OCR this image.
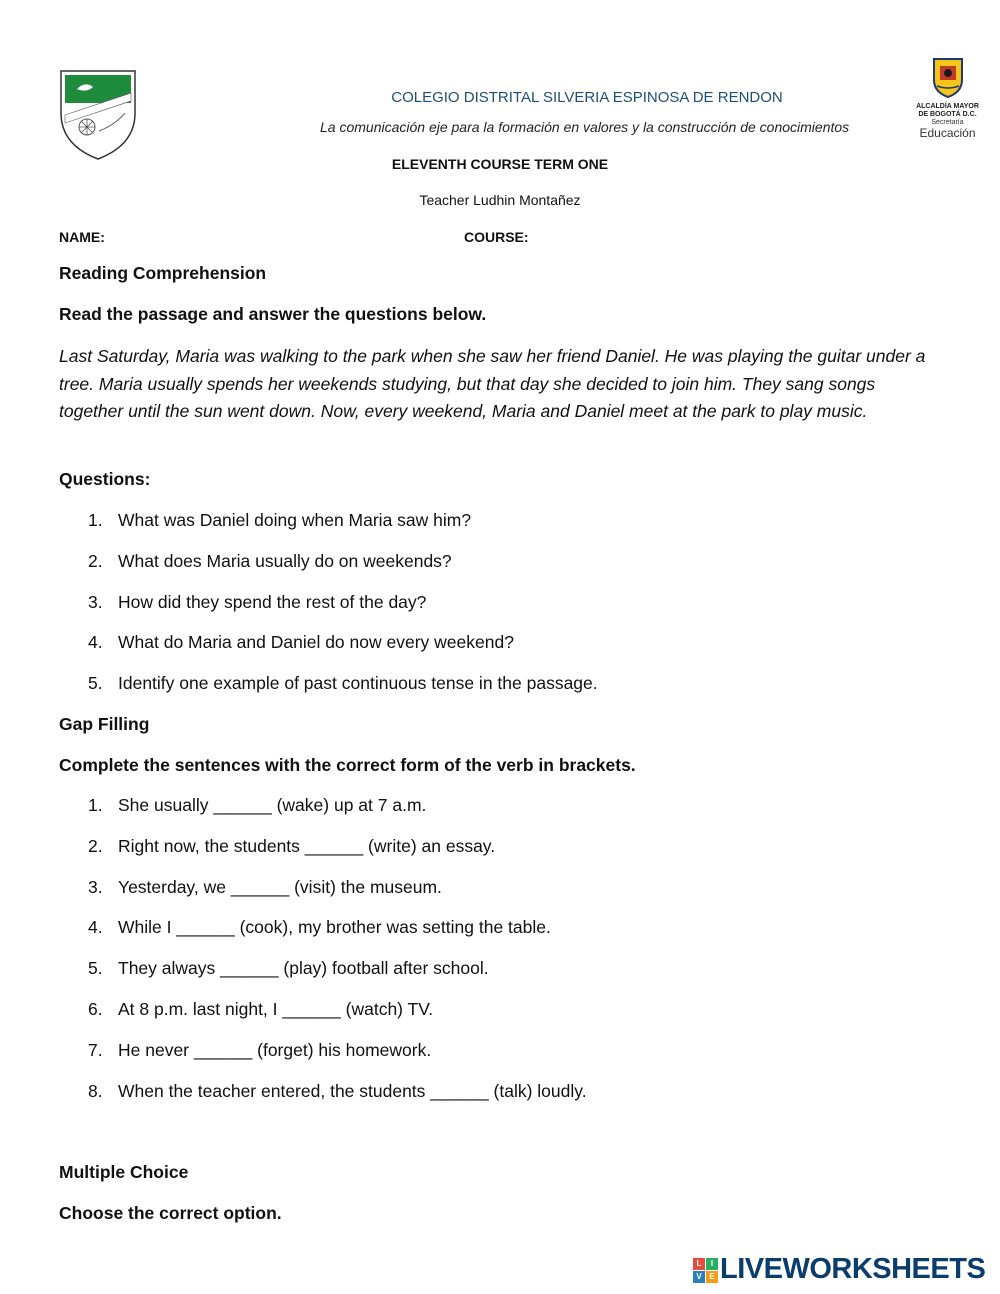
ALCALDÍA MAYOR
DE BOGOTÁ D.C.
Secretaría
Educación
COLEGIO DISTRITAL SILVERIA ESPINOSA DE RENDON
La comunicación eje para la formación en valores y la construcción de conocimientos
ELEVENTH COURSE TERM ONE
Teacher Ludhin Montañez
NAME:	COURSE:
Reading Comprehension
Read the passage and answer the questions below.
Last Saturday, Maria was walking to the park when she saw her friend Daniel. He was playing the guitar under a tree. Maria usually spends her weekends studying, but that day she decided to join him. They sang songs together until the sun went down. Now, every weekend, Maria and Daniel meet at the park to play music.
Questions:
1. What was Daniel doing when Maria saw him?
2. What does Maria usually do on weekends?
3. How did they spend the rest of the day?
4. What do Maria and Daniel do now every weekend?
5. Identify one example of past continuous tense in the passage.
Gap Filling
Complete the sentences with the correct form of the verb in brackets.
1. She usually ______ (wake) up at 7 a.m.
2. Right now, the students ______ (write) an essay.
3. Yesterday, we ______ (visit) the museum.
4. While I ______ (cook), my brother was setting the table.
5. They always ______ (play) football after school.
6. At 8 p.m. last night, I ______ (watch) TV.
7. He never ______ (forget) his homework.
8. When the teacher entered, the students ______ (talk) loudly.
Multiple Choice
Choose the correct option.
L	I
V E LIVEWORKSHEETS
